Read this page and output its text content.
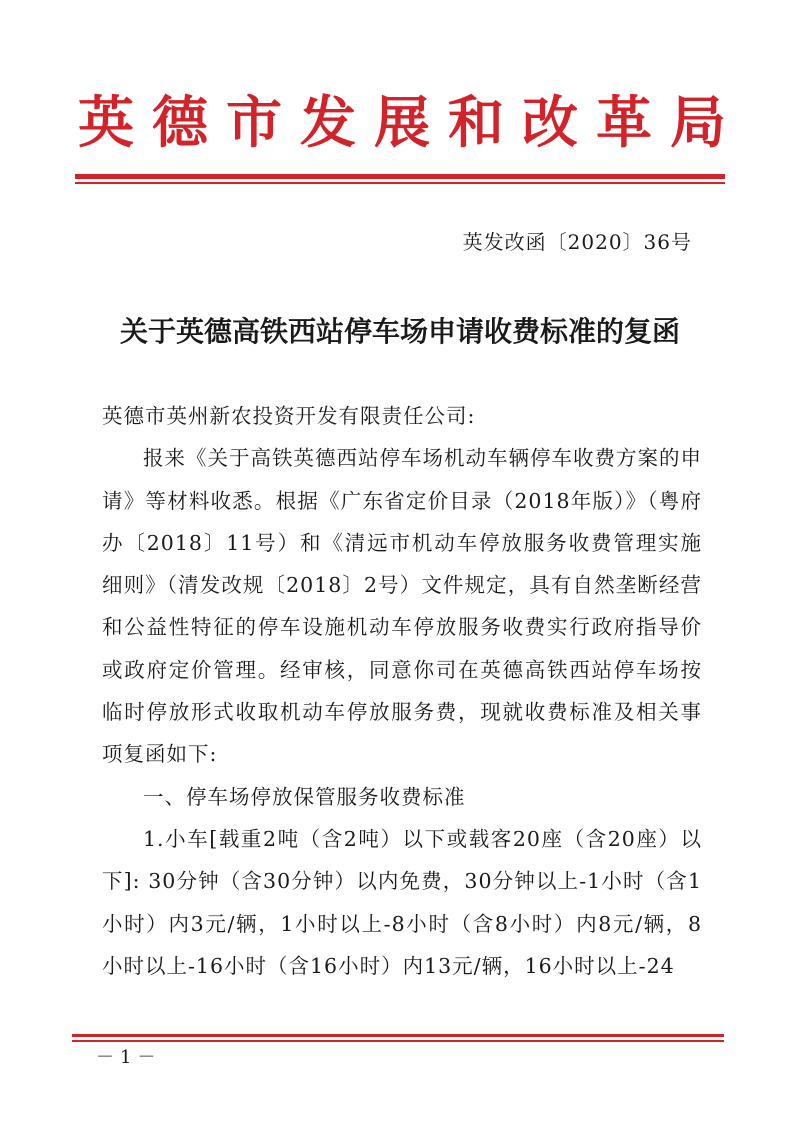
英德市发展和改革局
英发改函〔2020〕36号
关于英德高铁西站停车场申请收费标准的复函

英德市英州新农投资开发有限责任公司:

报来《关于高铁英德西站停车场机动车辆停车收费方案的申请》等材料收悉。根据《广东省定价目录（2018年版）》（粤府办〔2018〕11号）和《清远市机动车停放服务收费管理实施细则》（清发改规〔2018〕2号）文件规定，具有自然垄断经营和公益性特征的停车设施机动车停放服务收费实行政府指导价或政府定价管理。经审核，同意你司在英德高铁西站停车场按临时停放形式收取机动车停放服务费，现就收费标准及相关事项复函如下:

一、停车场停放保管服务收费标准

1.小车[载重2吨（含2吨）以下或载客20座（含20座）以下]: 30分钟（含30分钟）以内免费，30分钟以上-1小时（含1小时）内3元/辆，1小时以上-8小时（含8小时）内8元/辆，8小时以上-16小时（含16小时）内13元/辆，16小时以上-24

－1－
